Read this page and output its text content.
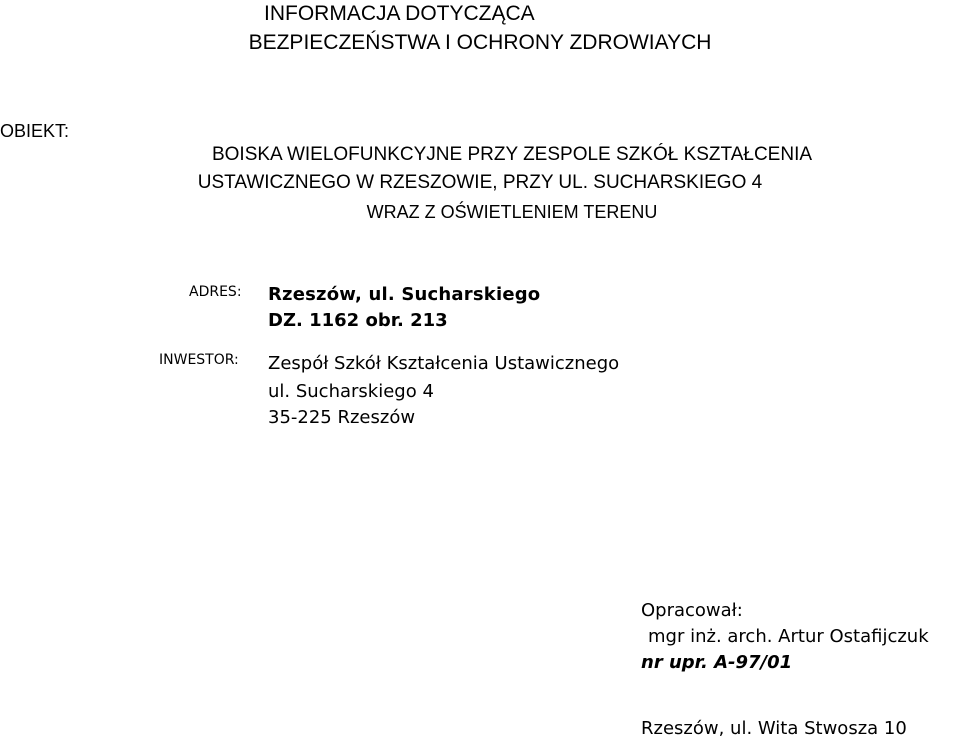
INFORMACJA DOTYCZĄCA
BEZPIECZEŃSTWA I OCHRONY ZDROWIAYCH
OBIEKT:
BOISKA WIELOFUNKCYJNE PRZY ZESPOLE SZKÓŁ KSZTAŁCENIA
USTAWICZNEGO W RZESZOWIE, PRZY UL. SUCHARSKIEGO 4
WRAZ Z OŚWIETLENIEM TERENU
ADRES: Rzeszów, ul. Sucharskiego
DZ. 1162 obr. 213
INWESTOR: Zespół Szkół Kształcenia Ustawicznego
ul. Sucharskiego 4
35-225 Rzeszów
Opracował:
mgr inż. arch. Artur Ostafijczuk
nr upr. A-97/01
Rzeszów, ul. Wita Stwosza 10
